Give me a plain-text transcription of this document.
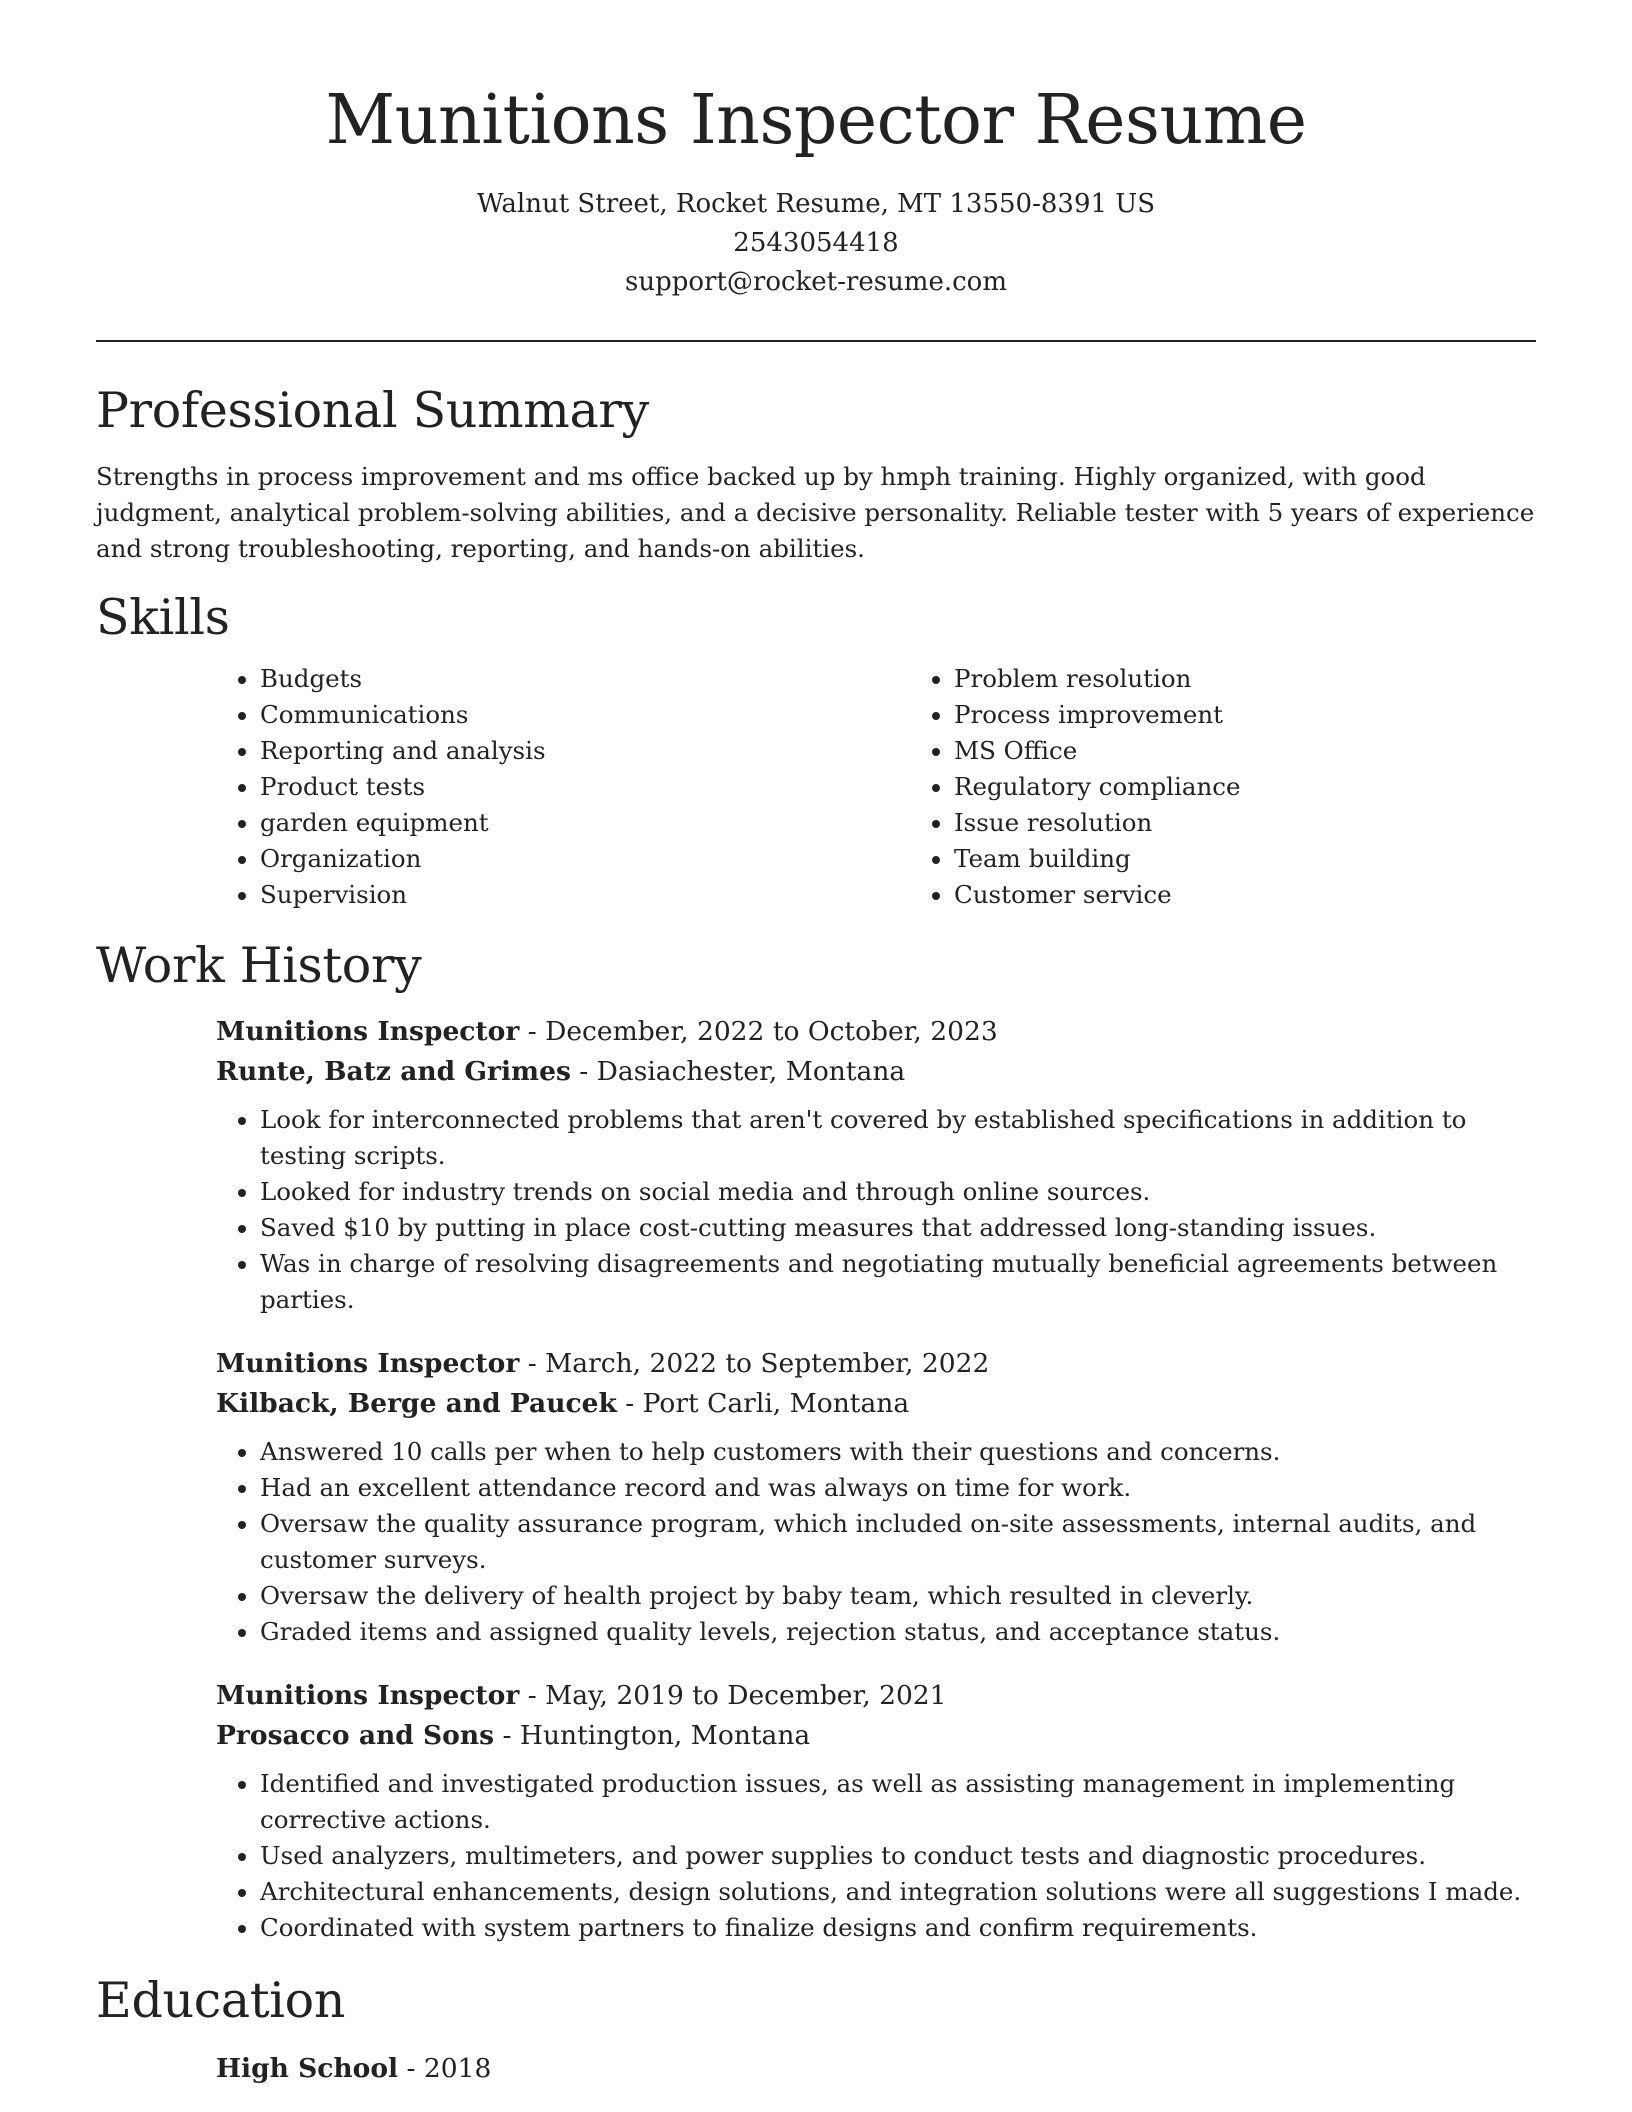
Munitions Inspector Resume
Walnut Street, Rocket Resume, MT 13550-8391 US
2543054418
support@rocket-resume.com
Professional Summary

Strengths in process improvement and ms office backed up by hmph training. Highly organized, with good judgment, analytical problem-solving abilities, and a decisive personality. Reliable tester with 5 years of experience and strong troubleshooting, reporting, and hands-on abilities.

Skills
• Budgets
• Communications
• Reporting and analysis
• Product tests
• garden equipment
• Organization
• Supervision
• Problem resolution
• Process improvement
• MS Office
• Regulatory compliance
• Issue resolution
• Team building
• Customer service
Work History
Munitions Inspector - December, 2022 to October, 2023
Runte, Batz and Grimes - Dasiachester, Montana
• Look for interconnected problems that aren't covered by established specifications in addition to testing scripts.
• Looked for industry trends on social media and through online sources.
• Saved $10 by putting in place cost-cutting measures that addressed long-standing issues.
• Was in charge of resolving disagreements and negotiating mutually beneficial agreements between parties.
Munitions Inspector - March, 2022 to September, 2022
Kilback, Berge and Paucek - Port Carli, Montana
• Answered 10 calls per when to help customers with their questions and concerns.
• Had an excellent attendance record and was always on time for work.
• Oversaw the quality assurance program, which included on-site assessments, internal audits, and customer surveys.
• Oversaw the delivery of health project by baby team, which resulted in cleverly.
• Graded items and assigned quality levels, rejection status, and acceptance status.
Munitions Inspector - May, 2019 to December, 2021
Prosacco and Sons - Huntington, Montana
• Identified and investigated production issues, as well as assisting management in implementing corrective actions.
• Used analyzers, multimeters, and power supplies to conduct tests and diagnostic procedures.
• Architectural enhancements, design solutions, and integration solutions were all suggestions I made.
• Coordinated with system partners to finalize designs and confirm requirements.
Education
High School - 2018
